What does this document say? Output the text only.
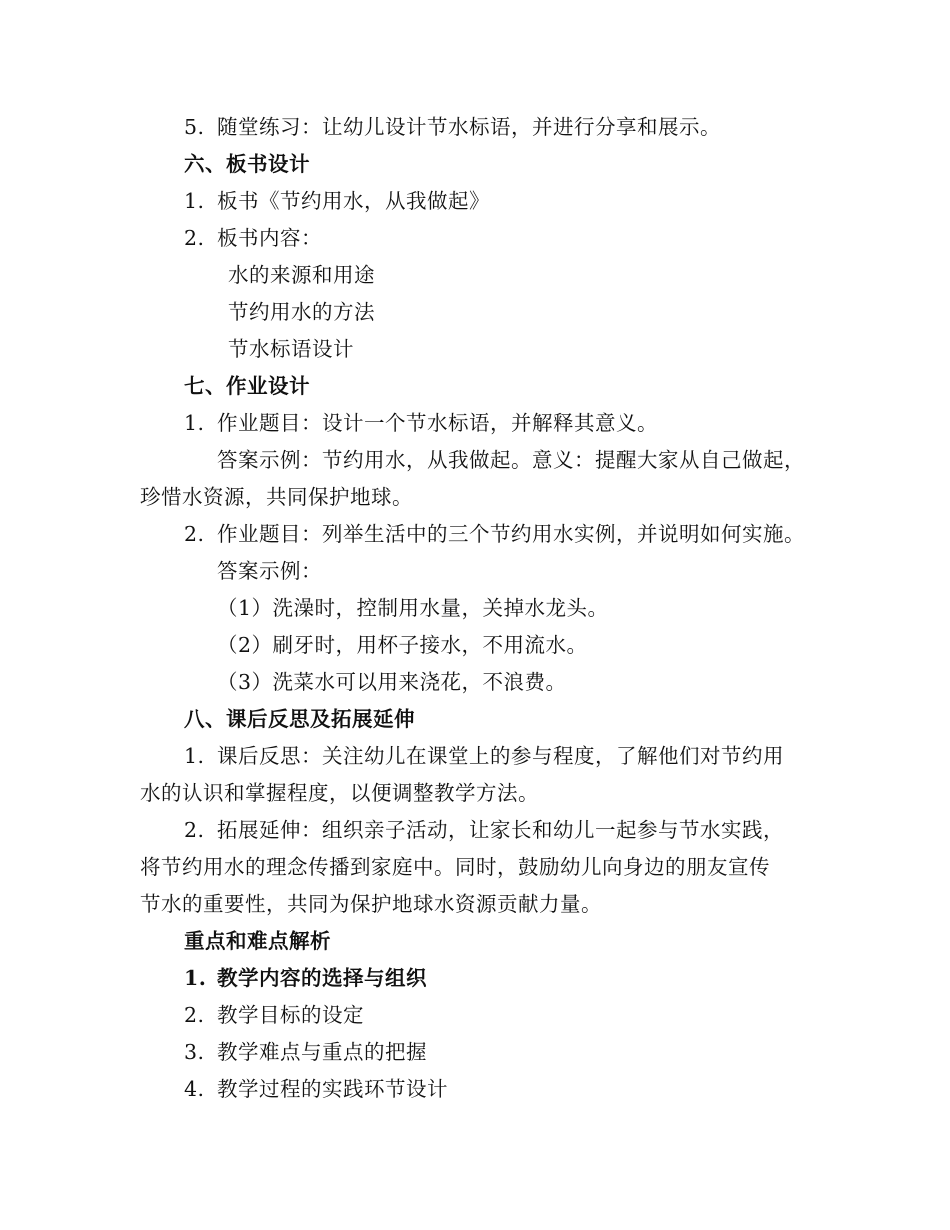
5. 随堂练习：让幼儿设计节水标语，并进行分享和展示。
六、板书设计
1. 板书《节约用水，从我做起》
2. 板书内容：
水的来源和用途
节约用水的方法
节水标语设计
七、作业设计
1. 作业题目：设计一个节水标语，并解释其意义。
答案示例：节约用水，从我做起。意义：提醒大家从自己做起，
珍惜水资源，共同保护地球。
2. 作业题目：列举生活中的三个节约用水实例，并说明如何实施。
答案示例：
（1）洗澡时，控制用水量，关掉水龙头。
（2）刷牙时，用杯子接水，不用流水。
（3）洗菜水可以用来浇花，不浪费。
八、课后反思及拓展延伸
1. 课后反思：关注幼儿在课堂上的参与程度，了解他们对节约用
水的认识和掌握程度，以便调整教学方法。
2. 拓展延伸：组织亲子活动，让家长和幼儿一起参与节水实践，
将节约用水的理念传播到家庭中。同时，鼓励幼儿向身边的朋友宣传
节水的重要性，共同为保护地球水资源贡献力量。
重点和难点解析
1. 教学内容的选择与组织
2. 教学目标的设定
3. 教学难点与重点的把握
4. 教学过程的实践环节设计
